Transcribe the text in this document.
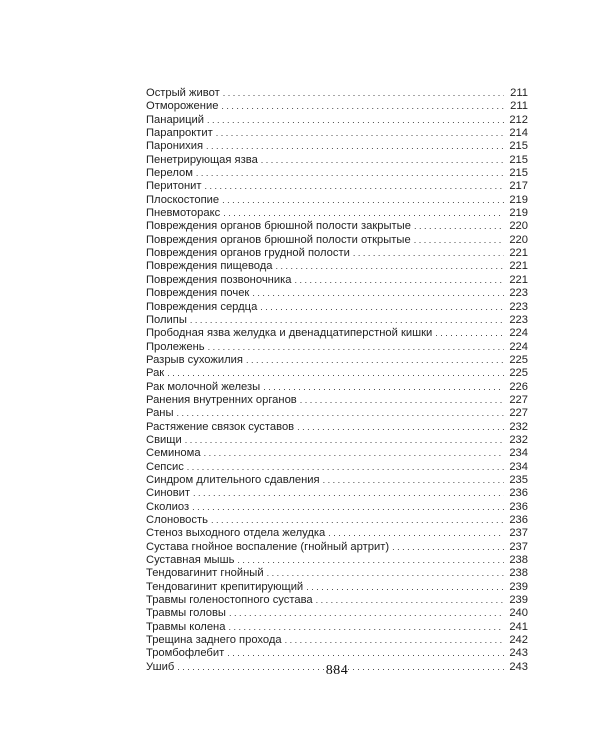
Острый живот . . .	211
Отморожение . . .	211
Панариций . . .	212
Парапроктит . . .	214
Паронихия . . .	215
Пенетрирующая язва . . .	215
Перелом . . .	215
Перитонит . . .	217
Плоскостопие . . .	219
Пневмоторакс . . .	219
Повреждения органов брюшной полости закрытые . . .	220
Повреждения органов брюшной полости открытые . . .	220
Повреждения органов грудной полости . . .	221
Повреждения пищевода . . .	221
Повреждения позвоночника . . .	221
Повреждения почек . . .	223
Повреждения сердца . . .	223
Полипы . . .	223
Прободная язва желудка и двенадцатиперстной кишки . . .	224
Пролежень . . .	224
Разрыв сухожилия . . .	225
Рак . . .	225
Рак молочной железы . . .	226
Ранения внутренних органов . . .	227
Раны . . .	227
Растяжение связок суставов . . .	232
Свищи . . .	232
Семинома . . .	234
Сепсис . . .	234
Синдром длительного сдавления . . .	235
Синовит . . .	236
Сколиоз . . .	236
Слоновость . . .	236
Стеноз выходного отдела желудка . . .	237
Сустава гнойное воспаление (гнойный артрит) . . .	237
Суставная мышь . . .	238
Тендовагинит гнойный . . .	238
Тендовагинит крепитирующий . . .	239
Травмы голеностопного сустава . . .	239
Травмы головы . . .	240
Травмы колена . . .	241
Трещина заднего прохода . . .	242
Тромбофлебит . . .	243
Ушиб . . .	243
884
